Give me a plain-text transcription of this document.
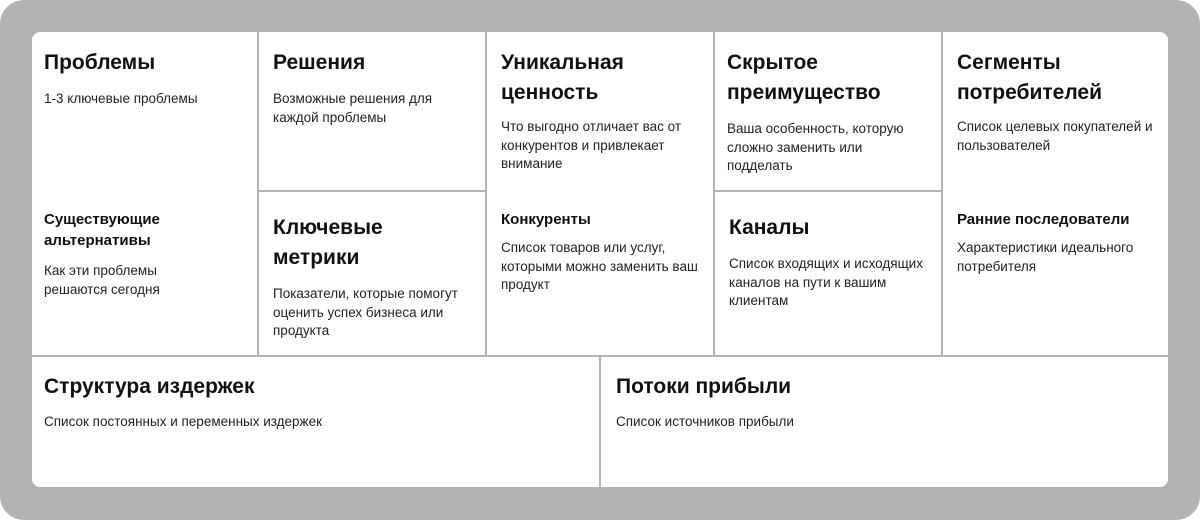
Проблемы
1-3 ключевые проблемы
Существующие альтернативы
Как эти проблемы решаются сегодня
Решения
Возможные решения для каждой проблемы
Ключевые метрики
Показатели, которые помогут оценить успех бизнеса или продукта
Уникальная ценность
Что выгодно отличает вас от конкурентов и привлекает внимание
Конкуренты
Список товаров или услуг, которыми можно заменить ваш продукт
Скрытое преимущество
Ваша особенность, которую сложно заменить или подделать
Каналы
Список входящих и исходящих каналов на пути к вашим клиентам
Сегменты потребителей
Список целевых покупателей и пользователей
Ранние последователи
Характеристики идеального потребителя
Структура издержек
Список постоянных и переменных издержек
Потоки прибыли
Список источников прибыли
